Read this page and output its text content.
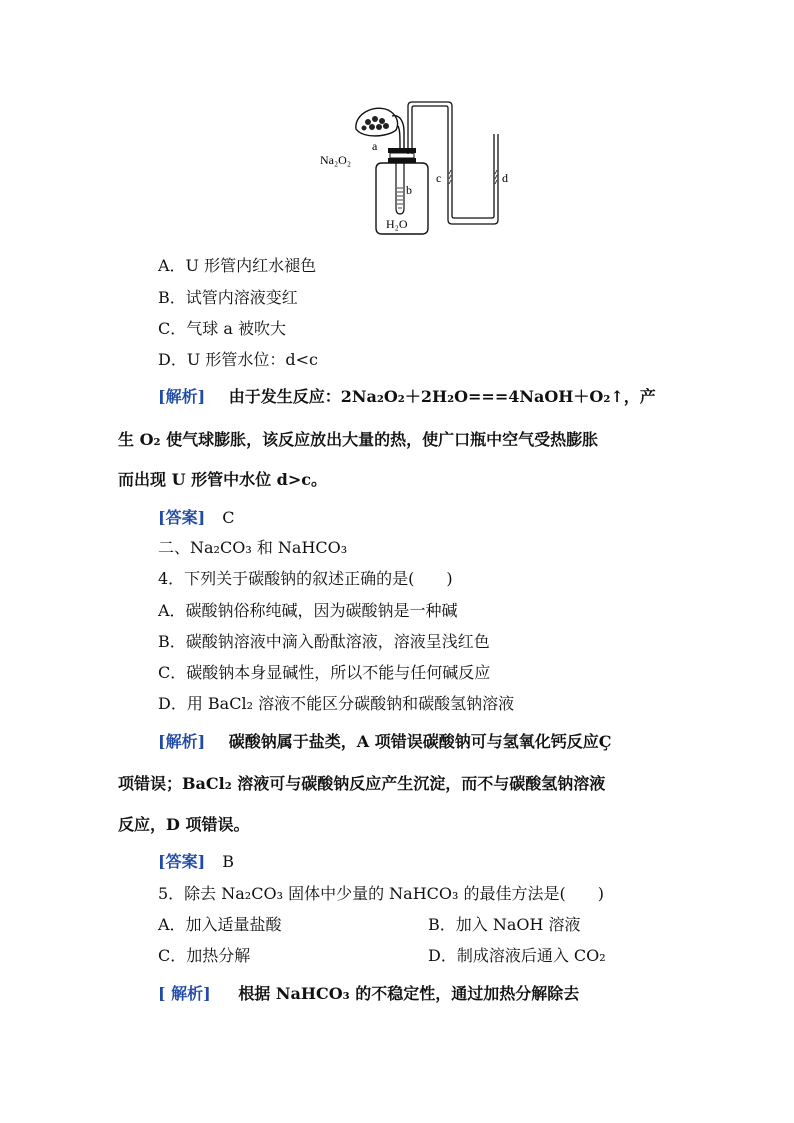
Na₂O₂
a
b
c	d
H₂O
A．U 形管内红水褪色
B．试管内溶液变红
C．气球 a 被吹大
D．U 形管水位：d<c
[解析] 由于发生反应：2Na₂O₂＋2H₂O===4NaOH＋O₂↑，产
生 O₂ 使气球膨胀，该反应放出大量的热，使广口瓶中空气受热膨胀
而出现 U 形管中水位 d>c。
[答案] C
二、Na₂CO₃ 和 NaHCO₃
4．下列关于碳酸钠的叙述正确的是(　　)
A．碳酸钠俗称纯碱，因为碳酸钠是一种碱
B．碳酸钠溶液中滴入酚酞溶液，溶液呈浅红色
C．碳酸钠本身显碱性，所以不能与任何碱反应
D．用 BaCl₂ 溶液不能区分碳酸钠和碳酸氢钠溶液
[解析] 碳酸钠属于盐类，A 项错误碳酸钠可与氢氧化钙反应Ç
项错误；BaCl₂ 溶液可与碳酸钠反应产生沉淀，而不与碳酸氢钠溶液
反应，D 项错误。
[答案] B
5．除去 Na₂CO₃ 固体中少量的 NaHCO₃ 的最佳方法是(　　)
A．加入适量盐酸	B．加入 NaOH 溶液
C．加热分解	D．制成溶液后通入 CO₂
[ 解析] 根据 NaHCO₃ 的不稳定性，通过加热分解除去
